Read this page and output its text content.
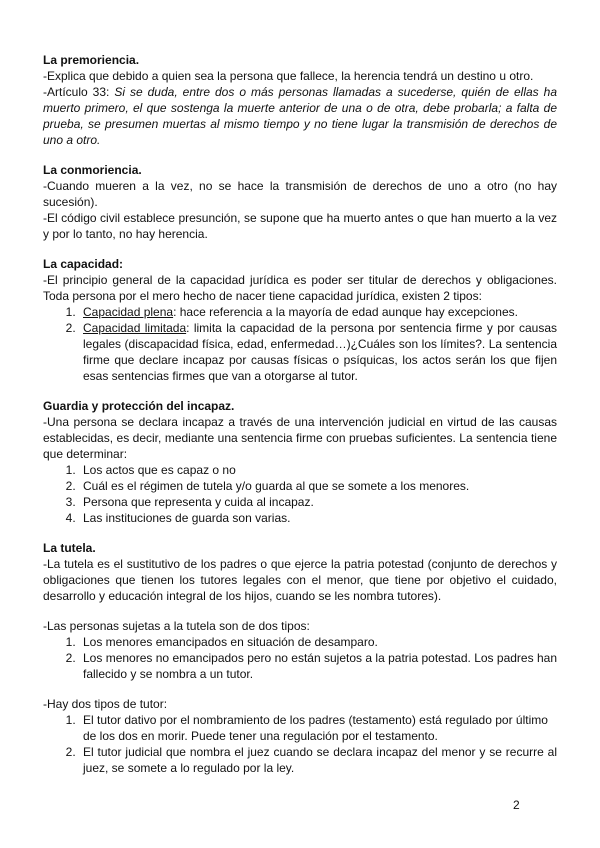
La premoriencia.
-Explica que debido a quien sea la persona que fallece, la herencia tendrá un destino u otro.
-Artículo 33: Si se duda, entre dos o más personas llamadas a sucederse, quién de ellas ha muerto primero, el que sostenga la muerte anterior de una o de otra, debe probarla; a falta de prueba, se presumen muertas al mismo tiempo y no tiene lugar la transmisión de derechos de uno a otro.
La conmoriencia.
-Cuando mueren a la vez, no se hace la transmisión de derechos de uno a otro (no hay sucesión).
-El código civil establece presunción, se supone que ha muerto antes o que han muerto a la vez y por lo tanto, no hay herencia.
La capacidad:
-El principio general de la capacidad jurídica es poder ser titular de derechos y obligaciones. Toda persona por el mero hecho de nacer tiene capacidad jurídica, existen 2 tipos:
1. Capacidad plena: hace referencia a la mayoría de edad aunque hay excepciones.
2. Capacidad limitada: limita la capacidad de la persona por sentencia firme y por causas legales (discapacidad física, edad, enfermedad…)¿Cuáles son los límites?. La sentencia firme que declare incapaz por causas físicas o psíquicas, los actos serán los que fijen esas sentencias firmes que van a otorgarse al tutor.
Guardia y protección del incapaz.
-Una persona se declara incapaz a través de una intervención judicial en virtud de las causas establecidas, es decir, mediante una sentencia firme con pruebas suficientes. La sentencia tiene que determinar:
1. Los actos que es capaz o no
2. Cuál es el régimen de tutela y/o guarda al que se somete a los menores.
3. Persona que representa y cuida al incapaz.
4. Las instituciones de guarda son varias.
La tutela.
-La tutela es el sustitutivo de los padres o que ejerce la patria potestad (conjunto de derechos y obligaciones que tienen los tutores legales con el menor, que tiene por objetivo el cuidado, desarrollo y educación integral de los hijos, cuando se les nombra tutores).
-Las personas sujetas a la tutela son de dos tipos:
1. Los menores emancipados en situación de desamparo.
2. Los menores no emancipados pero no están sujetos a la patria potestad. Los padres han fallecido y se nombra a un tutor.
-Hay dos tipos de tutor:
1. El tutor dativo por el nombramiento de los padres (testamento) está regulado por último de los dos en morir. Puede tener una regulación por el testamento.
2. El tutor judicial que nombra el juez cuando se declara incapaz del menor y se recurre al juez, se somete a lo regulado por la ley.
2
